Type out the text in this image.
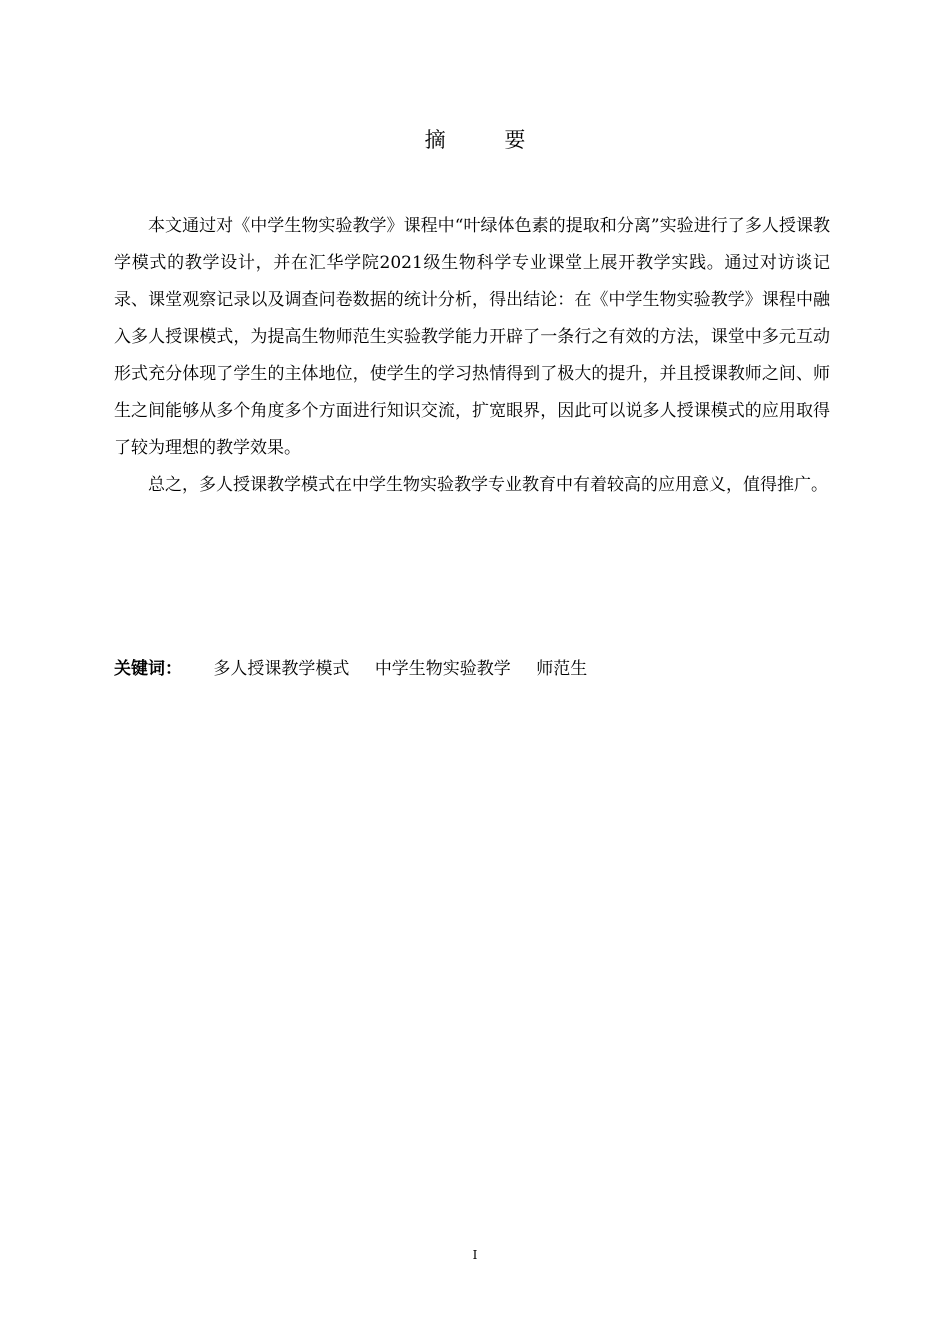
摘 要

本文通过对《中学生物实验教学》课程中“叶绿体色素的提取和分离”实验进行了多人授课教学模式的教学设计，并在汇华学院2021级生物科学专业课堂上展开教学实践。通过对访谈记录、课堂观察记录以及调查问卷数据的统计分析，得出结论：在《中学生物实验教学》课程中融入多人授课模式，为提高生物师范生实验教学能力开辟了一条行之有效的方法，课堂中多元互动形式充分体现了学生的主体地位，使学生的学习热情得到了极大的提升，并且授课教师之间、师生之间能够从多个角度多个方面进行知识交流，扩宽眼界，因此可以说多人授课模式的应用取得了较为理想的教学效果。

总之，多人授课教学模式在中学生物实验教学专业教育中有着较高的应用意义，值得推广。

关键词： 多人授课教学模式 中学生物实验教学 师范生
I
